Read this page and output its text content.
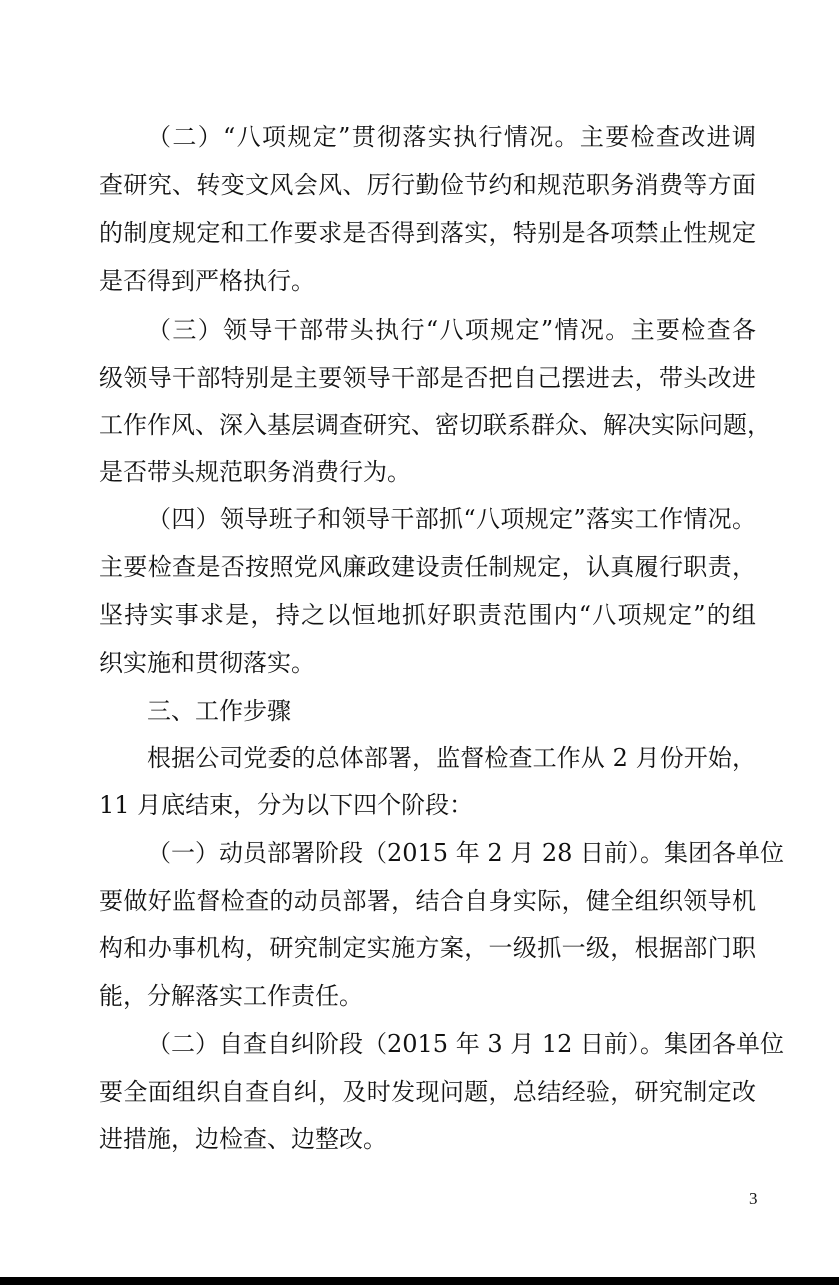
（二）“八项规定”贯彻落实执行情况。主要检查改进调
查研究、转变文风会风、厉行勤俭节约和规范职务消费等方面
的制度规定和工作要求是否得到落实，特别是各项禁止性规定
是否得到严格执行。
（三）领导干部带头执行“八项规定”情况。主要检查各
级领导干部特别是主要领导干部是否把自己摆进去，带头改进
工作作风、深入基层调查研究、密切联系群众、解决实际问题，
是否带头规范职务消费行为。
（四）领导班子和领导干部抓“八项规定”落实工作情况。
主要检查是否按照党风廉政建设责任制规定，认真履行职责，
坚持实事求是，持之以恒地抓好职责范围内“八项规定”的组
织实施和贯彻落实。
三、工作步骤
根据公司党委的总体部署，监督检查工作从 2 月份开始，
11 月底结束，分为以下四个阶段：
（一）动员部署阶段（2015 年 2 月 28 日前）。集团各单位
要做好监督检查的动员部署，结合自身实际，健全组织领导机
构和办事机构，研究制定实施方案，一级抓一级，根据部门职
能，分解落实工作责任。
（二）自查自纠阶段（2015 年 3 月 12 日前）。集团各单位
要全面组织自查自纠，及时发现问题，总结经验，研究制定改
进措施，边检查、边整改。
3
